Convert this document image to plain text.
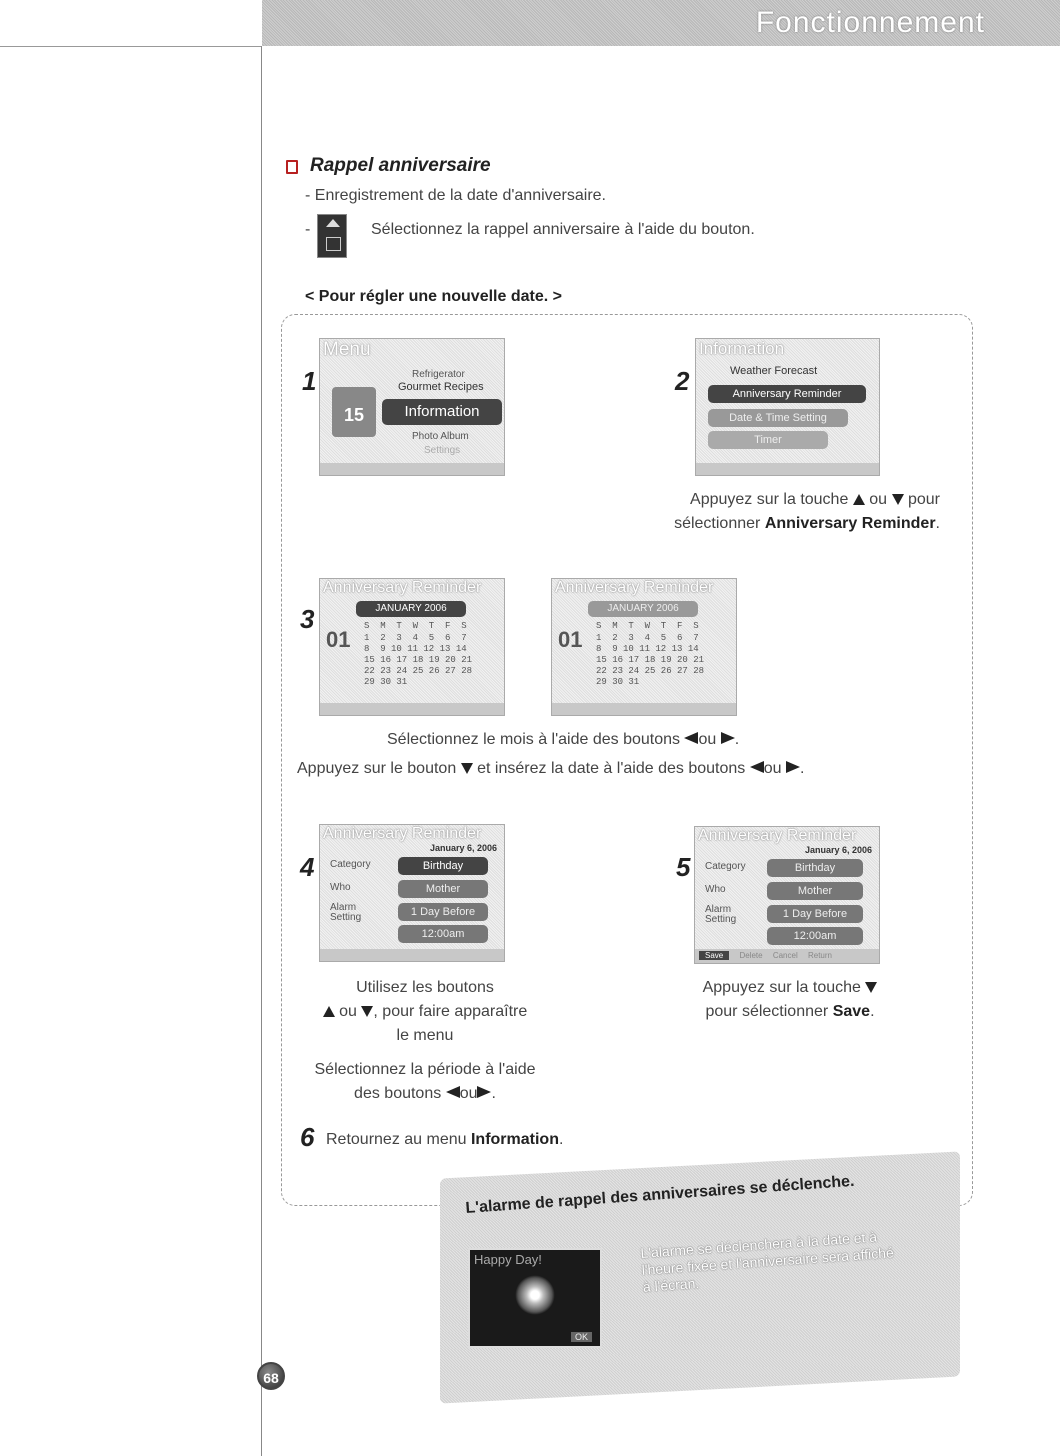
Fonctionnement
Rappel anniversaire
- Enregistrement de la date d'anniversaire.
-	Sélectionnez la rappel anniversaire à l'aide du bouton.
< Pour régler une nouvelle date. >
1
Menu
Refrigerator
Gourmet Recipes
15	Information
Photo Album
Settings
2
Information
Weather Forecast
Anniversary Reminder
Date & Time Setting
Timer
Appuyez sur la touche ou pour
sélectionner Anniversary Reminder.
3
Anniversary Reminder
JANUARY 2006
01
S  M  T  W  T  F  S
1  2  3  4  5  6  7
8  9 10 11 12 13 14
15 16 17 18 19 20 21
22 23 24 25 26 27 28
29 30 31
Anniversary Reminder
JANUARY 2006
01
S  M  T  W  T  F  S
1  2  3  4  5  6  7
8  9 10 11 12 13 14
15 16 17 18 19 20 21
22 23 24 25 26 27 28
29 30 31
Sélectionnez le mois à l'aide des boutons ou .
Appuyez sur le bouton et insérez la date à l'aide des boutons ou .
4
Anniversary Reminder
January 6, 2006
Category
Who
Alarm Setting
Birthday
Mother
1 Day Before
12:00am
Utilisez les boutons
ou , pour faire apparaître
le menu
Sélectionnez la période à l'aide
des boutons ou .
5
Anniversary Reminder
January 6, 2006
Category
Who
Alarm Setting
Birthday
Mother
1 Day Before
12:00am
Save Delete Cancel Return
Appuyez sur la touche
pour sélectionner Save.
6 Retournez au menu Information.
L'alarme de rappel des anniversaires se déclenche.
Happy Day!
OK
L'alarme se déclenchera à la date et à l'heure fixée et l'anniversaire sera affiché à l'écran.
68
